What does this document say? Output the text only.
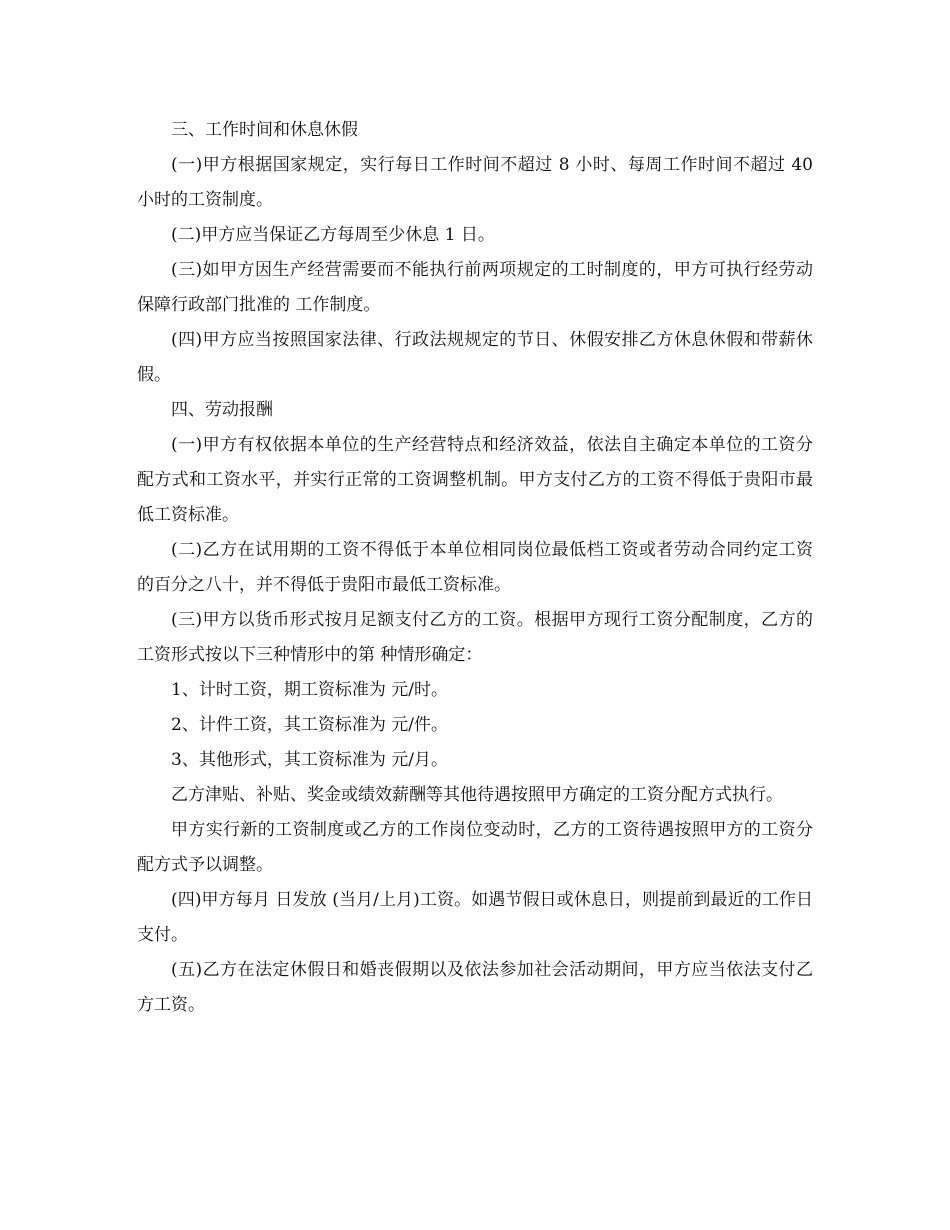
三、工作时间和休息休假

(一)甲方根据国家规定，实行每日工作时间不超过 8 小时、每周工作时间不超过 40 小时的工资制度。

(二)甲方应当保证乙方每周至少休息 1 日。

(三)如甲方因生产经营需要而不能执行前两项规定的工时制度的，甲方可执行经劳动保障行政部门批准的 工作制度。

(四)甲方应当按照国家法律、行政法规规定的节日、休假安排乙方休息休假和带薪休假。

四、劳动报酬

(一)甲方有权依据本单位的生产经营特点和经济效益，依法自主确定本单位的工资分配方式和工资水平，并实行正常的工资调整机制。甲方支付乙方的工资不得低于贵阳市最低工资标准。

(二)乙方在试用期的工资不得低于本单位相同岗位最低档工资或者劳动合同约定工资的百分之八十，并不得低于贵阳市最低工资标准。

(三)甲方以货币形式按月足额支付乙方的工资。根据甲方现行工资分配制度，乙方的工资形式按以下三种情形中的第 种情形确定：

1、计时工资，期工资标准为 元/时。

2、计件工资，其工资标准为 元/件。

3、其他形式，其工资标准为 元/月。

乙方津贴、补贴、奖金或绩效薪酬等其他待遇按照甲方确定的工资分配方式执行。

甲方实行新的工资制度或乙方的工作岗位变动时，乙方的工资待遇按照甲方的工资分配方式予以调整。

(四)甲方每月 日发放 (当月/上月)工资。如遇节假日或休息日，则提前到最近的工作日支付。

(五)乙方在法定休假日和婚丧假期以及依法参加社会活动期间，甲方应当依法支付乙方工资。
